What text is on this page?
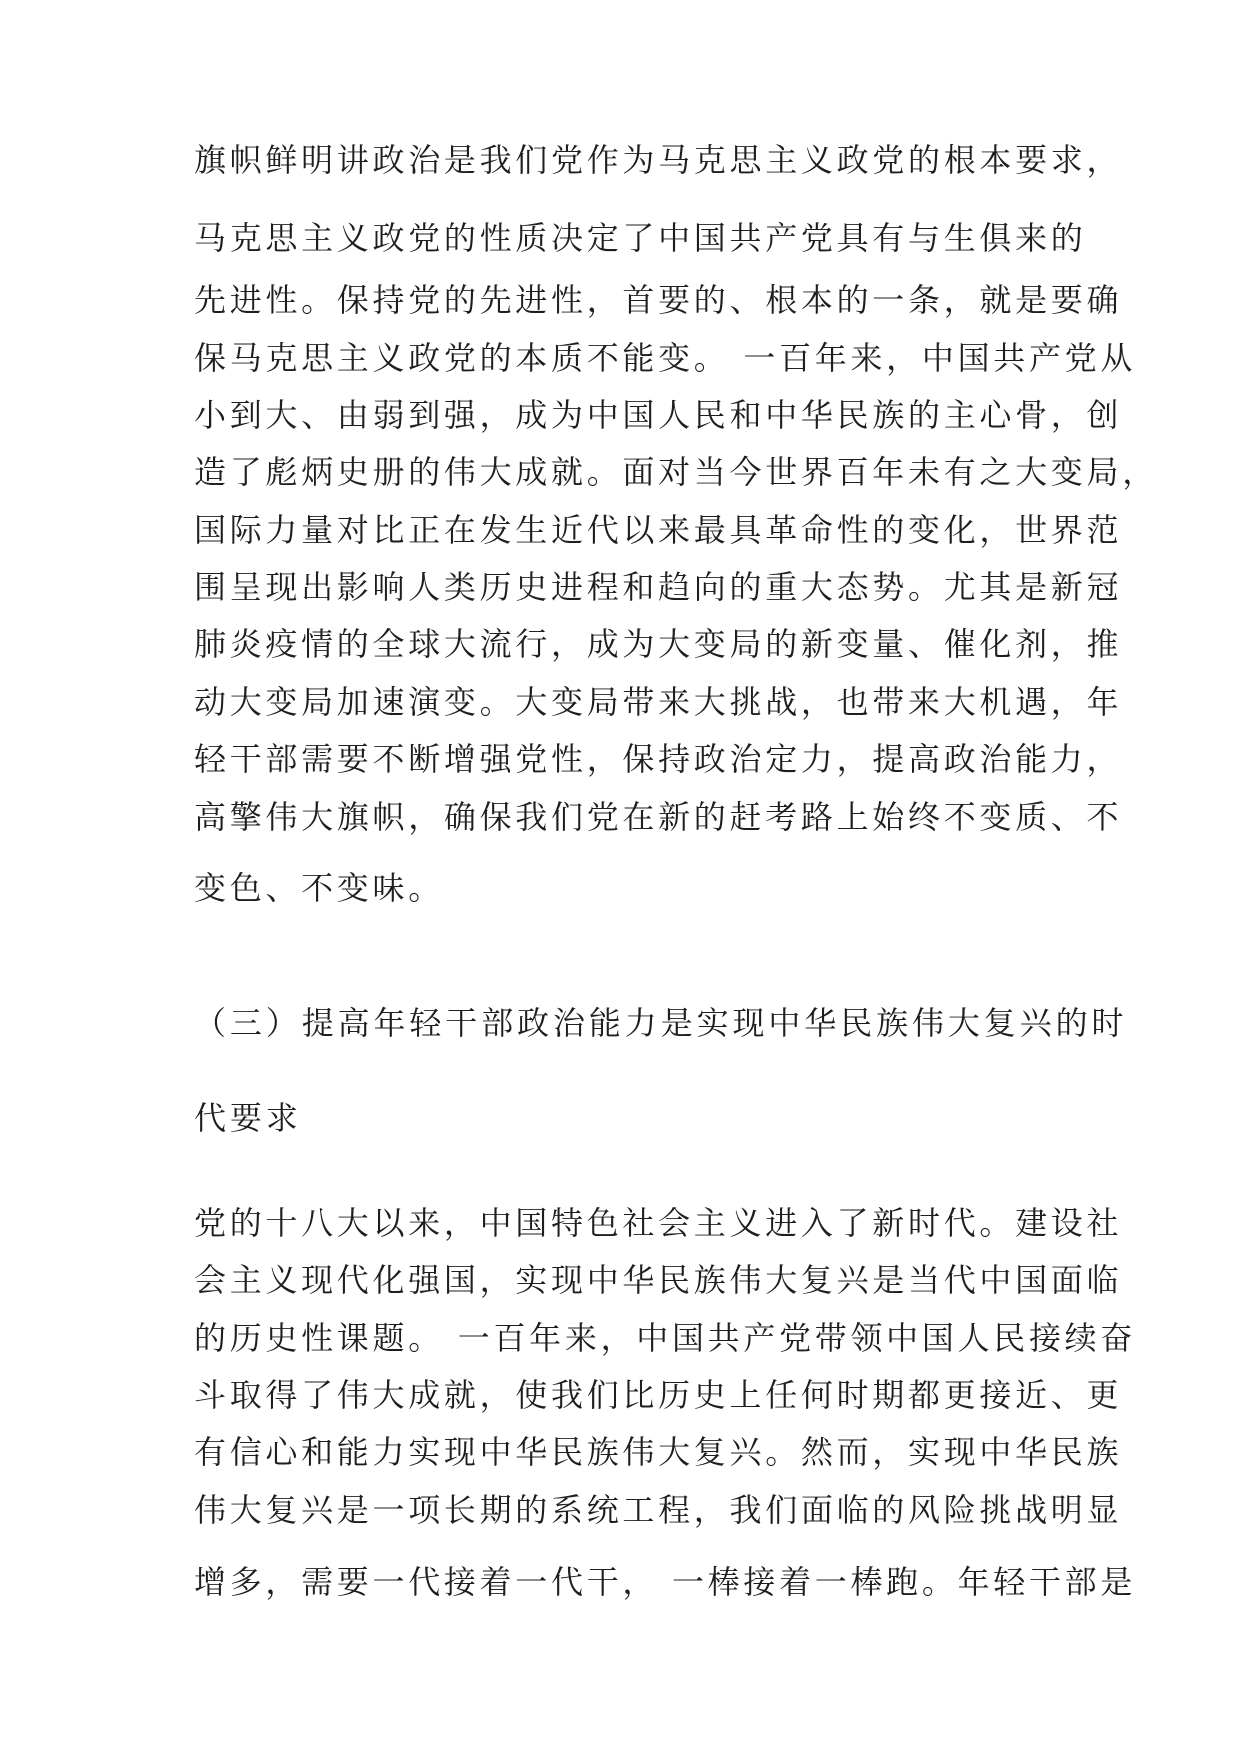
旗帜鲜明讲政治是我们党作为马克思主义政党的根本要求，
马克思主义政党的性质决定了中国共产党具有与生俱来的
先进性。保持党的先进性，首要的、根本的一条，就是要确
保马克思主义政党的本质不能变。 一百年来，中国共产党从
小到大、由弱到强，成为中国人民和中华民族的主心骨，创
造了彪炳史册的伟大成就。面对当今世界百年未有之大变局，
国际力量对比正在发生近代以来最具革命性的变化，世界范
围呈现出影响人类历史进程和趋向的重大态势。尤其是新冠
肺炎疫情的全球大流行，成为大变局的新变量、催化剂，推
动大变局加速演变。大变局带来大挑战，也带来大机遇，年
轻干部需要不断增强党性，保持政治定力，提高政治能力，
高擎伟大旗帜，确保我们党在新的赶考路上始终不变质、不
变色、不变味。
（三）提高年轻干部政治能力是实现中华民族伟大复兴的时
代要求
党的十八大以来，中国特色社会主义进入了新时代。建设社
会主义现代化强国，实现中华民族伟大复兴是当代中国面临
的历史性课题。 一百年来，中国共产党带领中国人民接续奋
斗取得了伟大成就，使我们比历史上任何时期都更接近、更
有信心和能力实现中华民族伟大复兴。然而，实现中华民族
伟大复兴是一项长期的系统工程，我们面临的风险挑战明显
增多，需要一代接着一代干， 一棒接着一棒跑。年轻干部是
